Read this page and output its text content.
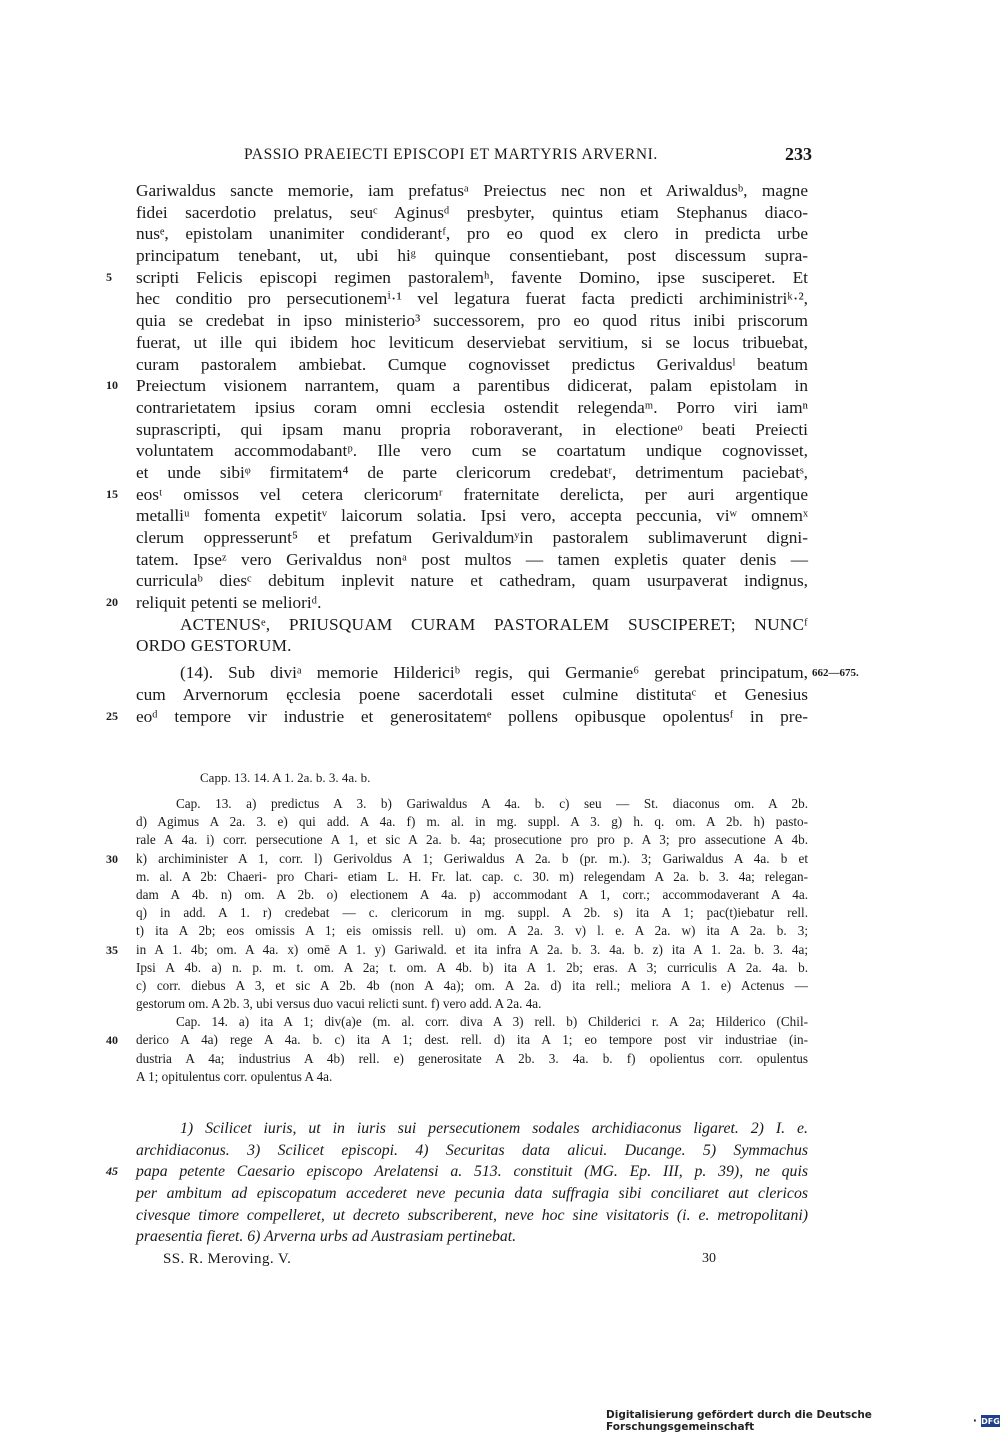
PASSIO PRAEIECTI EPISCOPI ET MARTYRIS ARVERNI.	233
Gariwaldus sancte memorie, iam prefatusᵃ Preiectus nec non et Ariwaldusᵇ, magne
fidei sacerdotio prelatus, seuᶜ Aginusᵈ presbyter, quintus etiam Stephanus diaco-
nusᵉ, epistolam unanimiter condiderantᶠ, pro eo quod ex clero in predicta urbe
principatum tenebant, ut, ubi hiᵍ quinque consentiebant, post discessum supra-
scripti Felicis episcopi regimen pastoralemʰ, favente Domino, ipse susciperet. Et
5
hec conditio pro persecutionemⁱ·¹ vel legatura fuerat facta predicti archiministriᵏ·²,
quia se credebat in ipso ministerio³ successorem, pro eo quod ritus inibi priscorum
fuerat, ut ille qui ibidem hoc leviticum deserviebat servitium, si se locus tribuebat,
curam pastoralem ambiebat. Cumque cognovisset predictus Gerivaldusˡ beatum
Preiectum visionem narrantem, quam a parentibus didicerat, palam epistolam in
10
contrarietatem ipsius coram omni ecclesia ostendit relegendaᵐ. Porro viri iamⁿ
suprascripti, qui ipsam manu propria roboraverant, in electioneᵒ beati Preiecti
voluntatem accommodabantᵖ. Ille vero cum se coartatum undique cognovisset,
et unde sibiᵠ firmitatem⁴ de parte clericorum credebatʳ, detrimentum paciebatˢ,
eosᵗ omissos vel cetera clericorumʳ fraternitate derelicta, per auri argentique
15
metalliᵘ fomenta expetitᵛ laicorum solatia. Ipsi vero, accepta peccunia, viʷ omnemˣ
clerum oppresserunt⁵ et prefatum Gerivaldumʸin pastoralem sublimaverunt digni-
tatem. Ipseᶻ vero Gerivaldus nonᵃ post multos — tamen expletis quater denis —
curriculaᵇ diesᶜ debitum inplevit nature et cathedram, quam usurpaverat indignus,
reliquit petenti se melioriᵈ.
20
ACTENUSᵉ, PRIUSQUAM CURAM PASTORALEM SUSCIPERET; NUNCᶠ
ORDO GESTORUM.
(14). Sub diviᵃ memorie Hildericiᵇ regis, qui Germanie⁶ gerebat principatum,
cum Arvernorum ęcclesia poene sacerdotali esset culmine distitutaᶜ et Genesius
eoᵈ tempore vir industrie et generositatemᵉ pollens opibusque opolentusᶠ in pre-
25
662—675.
Capp. 13. 14. A 1. 2a. b. 3. 4a. b.
Cap. 13. a) predictus A 3. b) Gariwaldus A 4a. b. c) seu — St. diaconus om. A 2b.
d) Agimus A 2a. 3. e) qui add. A 4a. f) m. al. in mg. suppl. A 3. g) h. q. om. A 2b. h) pasto-
rale A 4a. i) corr. persecutione A 1, et sic A 2a. b. 4a; prosecutione pro pro p. A 3; pro assecutione A 4b.
k) archiminister A 1, corr. l) Gerivoldus A 1; Geriwaldus A 2a. b (pr. m.). 3; Gariwaldus A 4a. b et
30
m. al. A 2b: Chaeri- pro Chari- etiam L. H. Fr. lat. cap. c. 30. m) relegendam A 2a. b. 3. 4a; relegan-
dam A 4b. n) om. A 2b. o) electionem A 4a. p) accommodant A 1, corr.; accommodaverant A 4a.
q) in add. A 1. r) credebat — c. clericorum in mg. suppl. A 2b. s) ita A 1; pac(t)iebatur rell.
t) ita A 2b; eos omissis A 1; eis omissis rell. u) om. A 2a. 3. v) l. e. A 2a. w) ita A 2a. b. 3;
in A 1. 4b; om. A 4a. x) omē A 1. y) Gariwald. et ita infra A 2a. b. 3. 4a. b. z) ita A 1. 2a. b. 3. 4a;
35
Ipsi A 4b. a) n. p. m. t. om. A 2a; t. om. A 4b. b) ita A 1. 2b; eras. A 3; curriculis A 2a. 4a. b.
c) corr. diebus A 3, et sic A 2b. 4b (non A 4a); om. A 2a. d) ita rell.; meliora A 1. e) Actenus —
gestorum om. A 2b. 3, ubi versus duo vacui relicti sunt. f) vero add. A 2a. 4a.
Cap. 14. a) ita A 1; div(a)e (m. al. corr. diva A 3) rell. b) Childerici r. A 2a; Hilderico (Chil-
derico A 4a) rege A 4a. b. c) ita A 1; dest. rell. d) ita A 1; eo tempore post vir industriae (in-
40
dustria A 4a; industrius A 4b) rell. e) generositate A 2b. 3. 4a. b. f) opolientus corr. opulentus
A 1; opitulentus corr. opulentus A 4a.
1) Scilicet iuris, ut in iuris sui persecutionem sodales archidiaconus ligaret. 2) I. e.
archidiaconus. 3) Scilicet episcopi. 4) Securitas data alicui. Ducange. 5) Symmachus
papa petente Caesario episcopo Arelatensi a. 513. constituit (MG. Ep. III, p. 39), ne quis
45
per ambitum ad episcopatum accederet neve pecunia data suffragia sibi conciliaret aut clericos
civesque timore compelleret, ut decreto subscriberent, neve hoc sine visitatoris (i. e. metropolitani)
praesentia fieret. 6) Arverna urbs ad Austrasiam pertinebat.
SS. R. Meroving. V.	30
Digitalisierung gefördert durch die Deutsche Forschungsgemeinschaft	· DFG
